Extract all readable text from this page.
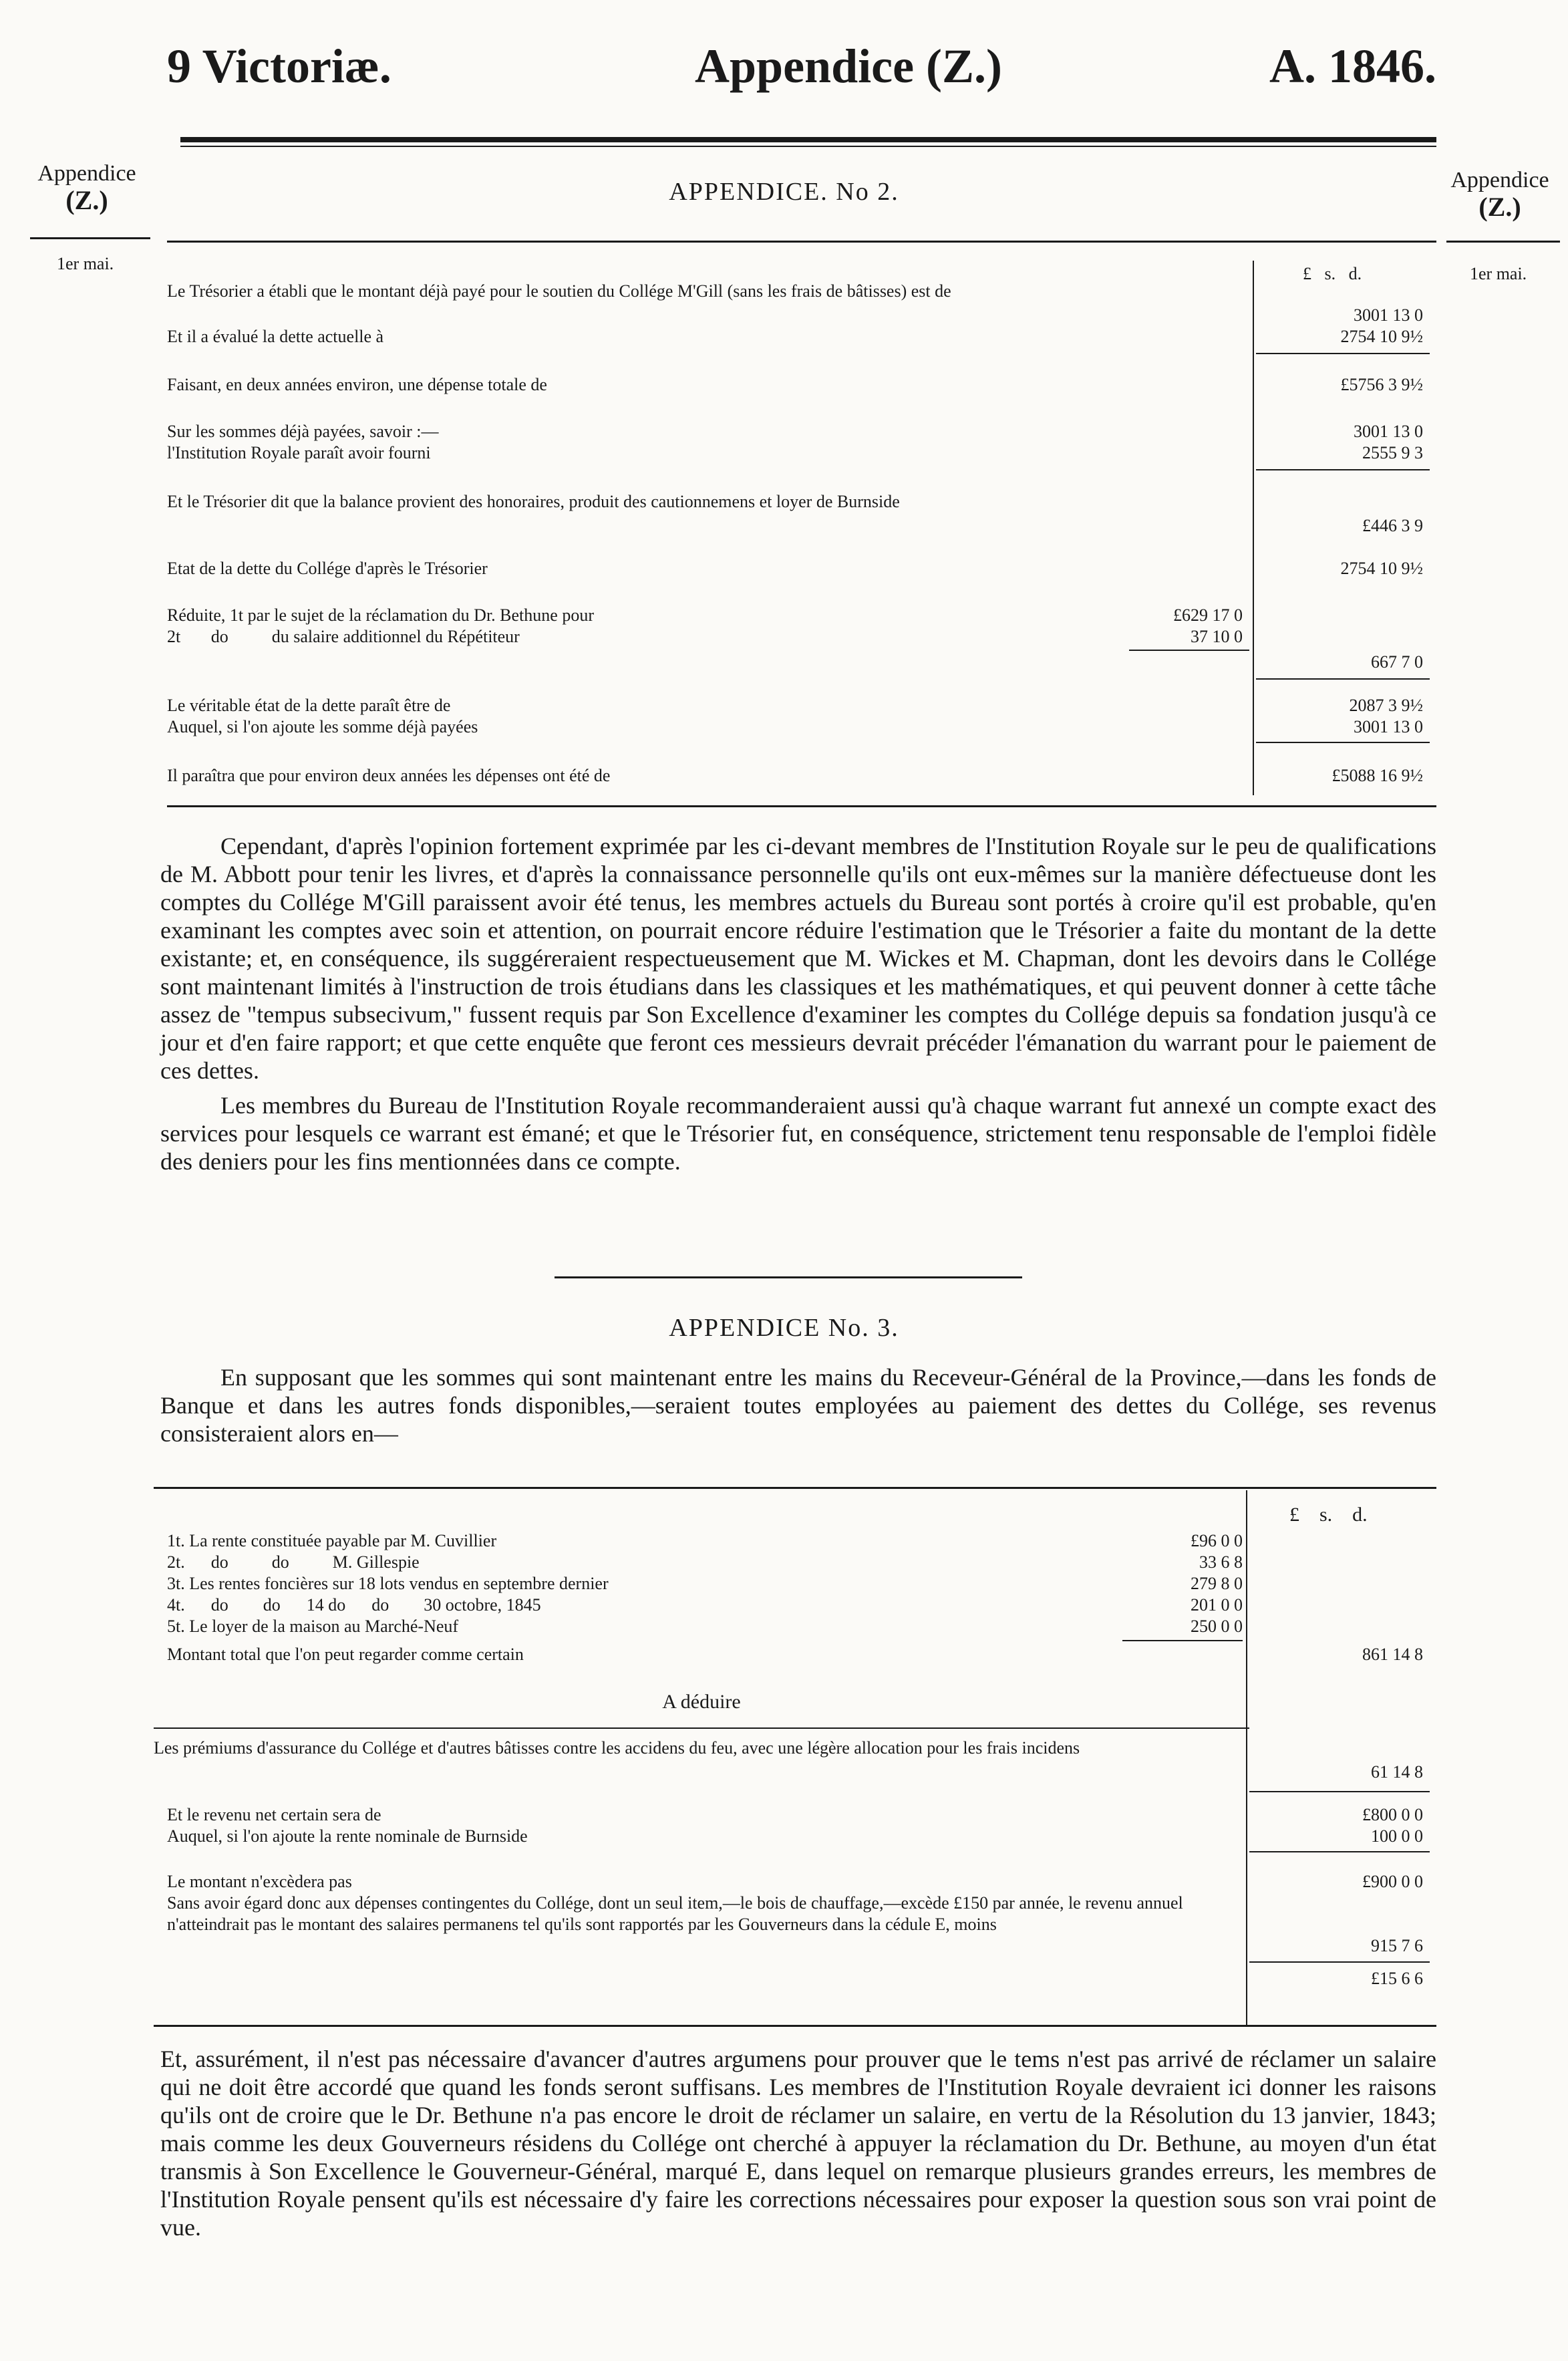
9 Victoriæ.	Appendice (Z.)	A. 1846.
Appendice
(Z.)
1er mai.
Appendice
(Z.)
1er mai.
APPENDICE. No 2.
£   s.   d.
Le Trésorier a établi que le montant déjà payé pour le soutien du Collége M'Gill (sans les frais de bâtisses) est de
3001 13 0
Et il a évalué la dette actuelle à	2754 10 9½
Faisant, en deux années environ, une dépense totale de	£5756 3 9½
Sur les sommes déjà payées, savoir :—	3001 13 0
l'Institution Royale paraît avoir fourni	2555 9 3
Et le Trésorier dit que la balance provient des honoraires, produit des cautionnemens et loyer de Burnside
£446 3 9
Etat de la dette du Collége d'après le Trésorier	2754 10 9½
Réduite, 1t par le sujet de la réclamation du Dr. Bethune pour	£629 17 0
2t       do          du salaire additionnel du Répétiteur	37 10 0
667 7 0
Le véritable état de la dette paraît être de	2087 3 9½
Auquel, si l'on ajoute les somme déjà payées	3001 13 0
Il paraîtra que pour environ deux années les dépenses ont été de	£5088 16 9½

Cependant, d'après l'opinion fortement exprimée par les ci-devant membres de l'Institution Royale sur le peu de qualifications de M. Abbott pour tenir les livres, et d'après la connaissance personnelle qu'ils ont eux-mêmes sur la manière défectueuse dont les comptes du Collége M'Gill paraissent avoir été tenus, les membres actuels du Bureau sont portés à croire qu'il est probable, qu'en examinant les comptes avec soin et attention, on pourrait encore réduire l'estimation que le Trésorier a faite du montant de la dette existante; et, en conséquence, ils suggéreraient respectueusement que M. Wickes et M. Chapman, dont les devoirs dans le Collége sont maintenant limités à l'instruction de trois étudians dans les classiques et les mathématiques, et qui peuvent donner à cette tâche assez de "tempus subsecivum," fussent requis par Son Excellence d'examiner les comptes du Collége depuis sa fondation jusqu'à ce jour et d'en faire rapport; et que cette enquête que feront ces messieurs devrait précéder l'émanation du warrant pour le paiement de ces dettes.

Les membres du Bureau de l'Institution Royale recommanderaient aussi qu'à chaque warrant fut annexé un compte exact des services pour lesquels ce warrant est émané; et que le Trésorier fut, en conséquence, strictement tenu responsable de l'emploi fidèle des deniers pour les fins mentionnées dans ce compte.

APPENDICE No. 3.

En supposant que les sommes qui sont maintenant entre les mains du Receveur-Général de la Province,—dans les fonds de Banque et dans les autres fonds disponibles,—seraient toutes employées au paiement des dettes du Collége, ses revenus consisteraient alors en—

£    s.    d.
1t. La rente constituée payable par M. Cuvillier	£96 0 0
2t.      do          do          M. Gillespie	33 6 8
3t. Les rentes foncières sur 18 lots vendus en septembre dernier	279 8 0
4t.      do        do      14 do      do        30 octobre, 1845	201 0 0
5t. Le loyer de la maison au Marché-Neuf	250 0 0
Montant total que l'on peut regarder comme certain	861 14 8
A déduire
Les prémiums d'assurance du Collége et d'autres bâtisses contre les accidens du feu, avec une légère allocation pour les frais incidens
61 14 8
Et le revenu net certain sera de	£800 0 0
Auquel, si l'on ajoute la rente nominale de Burnside	100 0 0
Le montant n'excèdera pas	£900 0 0
Sans avoir égard donc aux dépenses contingentes du Collége, dont un seul item,—le bois de chauffage,—excède £150 par année, le revenu annuel n'atteindrait pas le montant des salaires permanens tel qu'ils sont rapportés par les Gouverneurs dans la cédule E, moins
915 7 6
£15 6 6

Et, assurément, il n'est pas nécessaire d'avancer d'autres argumens pour prouver que le tems n'est pas arrivé de réclamer un salaire qui ne doit être accordé que quand les fonds seront suffisans. Les membres de l'Institution Royale devraient ici donner les raisons qu'ils ont de croire que le Dr. Bethune n'a pas encore le droit de réclamer un salaire, en vertu de la Résolution du 13 janvier, 1843; mais comme les deux Gouverneurs résidens du Collége ont cherché à appuyer la réclamation du Dr. Bethune, au moyen d'un état transmis à Son Excellence le Gouverneur-Général, marqué E, dans lequel on remarque plusieurs grandes erreurs, les membres de l'Institution Royale pensent qu'ils est nécessaire d'y faire les corrections nécessaires pour exposer la question sous son vrai point de vue.
